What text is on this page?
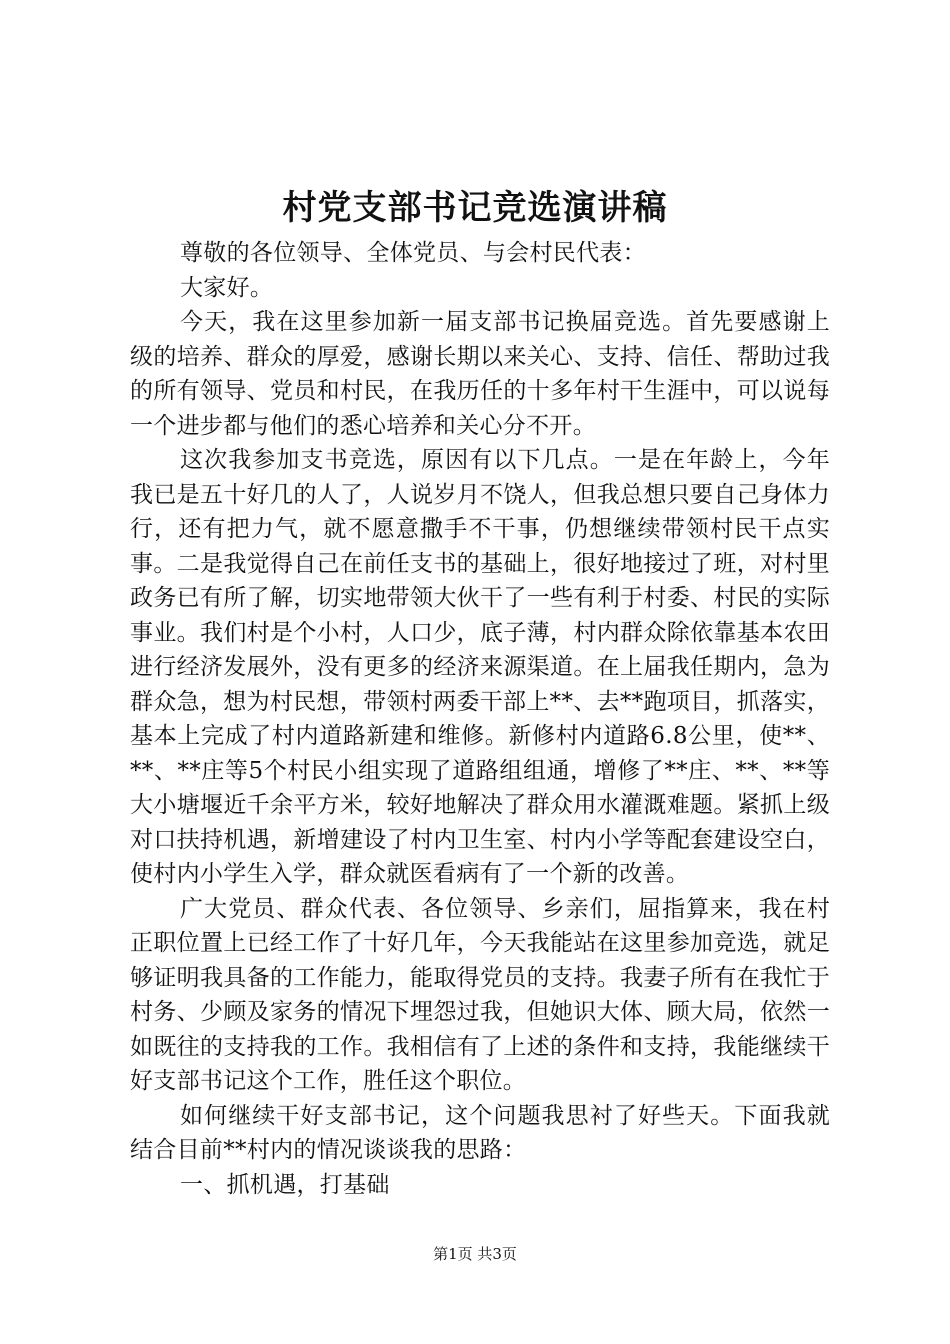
村党支部书记竞选演讲稿

尊敬的各位领导、全体党员、与会村民代表：

大家好。

今天，我在这里参加新一届支部书记换届竞选。首先要感谢上级的培养、群众的厚爱，感谢长期以来关心、支持、信任、帮助过我的所有领导、党员和村民，在我历任的十多年村干生涯中，可以说每一个进步都与他们的悉心培养和关心分不开。

这次我参加支书竞选，原因有以下几点。一是在年龄上，今年我已是五十好几的人了，人说岁月不饶人，但我总想只要自己身体力行，还有把力气，就不愿意撒手不干事，仍想继续带领村民干点实事。二是我觉得自己在前任支书的基础上，很好地接过了班，对村里政务已有所了解，切实地带领大伙干了一些有利于村委、村民的实际事业。我们村是个小村，人口少，底子薄，村内群众除依靠基本农田进行经济发展外，没有更多的经济来源渠道。在上届我任期内，急为群众急，想为村民想，带领村两委干部上**、去**跑项目，抓落实，基本上完成了村内道路新建和维修。新修村内道路6.8公里，使**、**、**庄等5个村民小组实现了道路组组通，增修了**庄、**、**等大小塘堰近千余平方米，较好地解决了群众用水灌溉难题。紧抓上级对口扶持机遇，新增建设了村内卫生室、村内小学等配套建设空白，使村内小学生入学，群众就医看病有了一个新的改善。

广大党员、群众代表、各位领导、乡亲们，屈指算来，我在村正职位置上已经工作了十好几年，今天我能站在这里参加竞选，就足够证明我具备的工作能力，能取得党员的支持。我妻子所有在我忙于村务、少顾及家务的情况下埋怨过我，但她识大体、顾大局，依然一如既往的支持我的工作。我相信有了上述的条件和支持，我能继续干好支部书记这个工作，胜任这个职位。

如何继续干好支部书记，这个问题我思衬了好些天。下面我就结合目前**村内的情况谈谈我的思路：

一、抓机遇，打基础

第1页 共3页
